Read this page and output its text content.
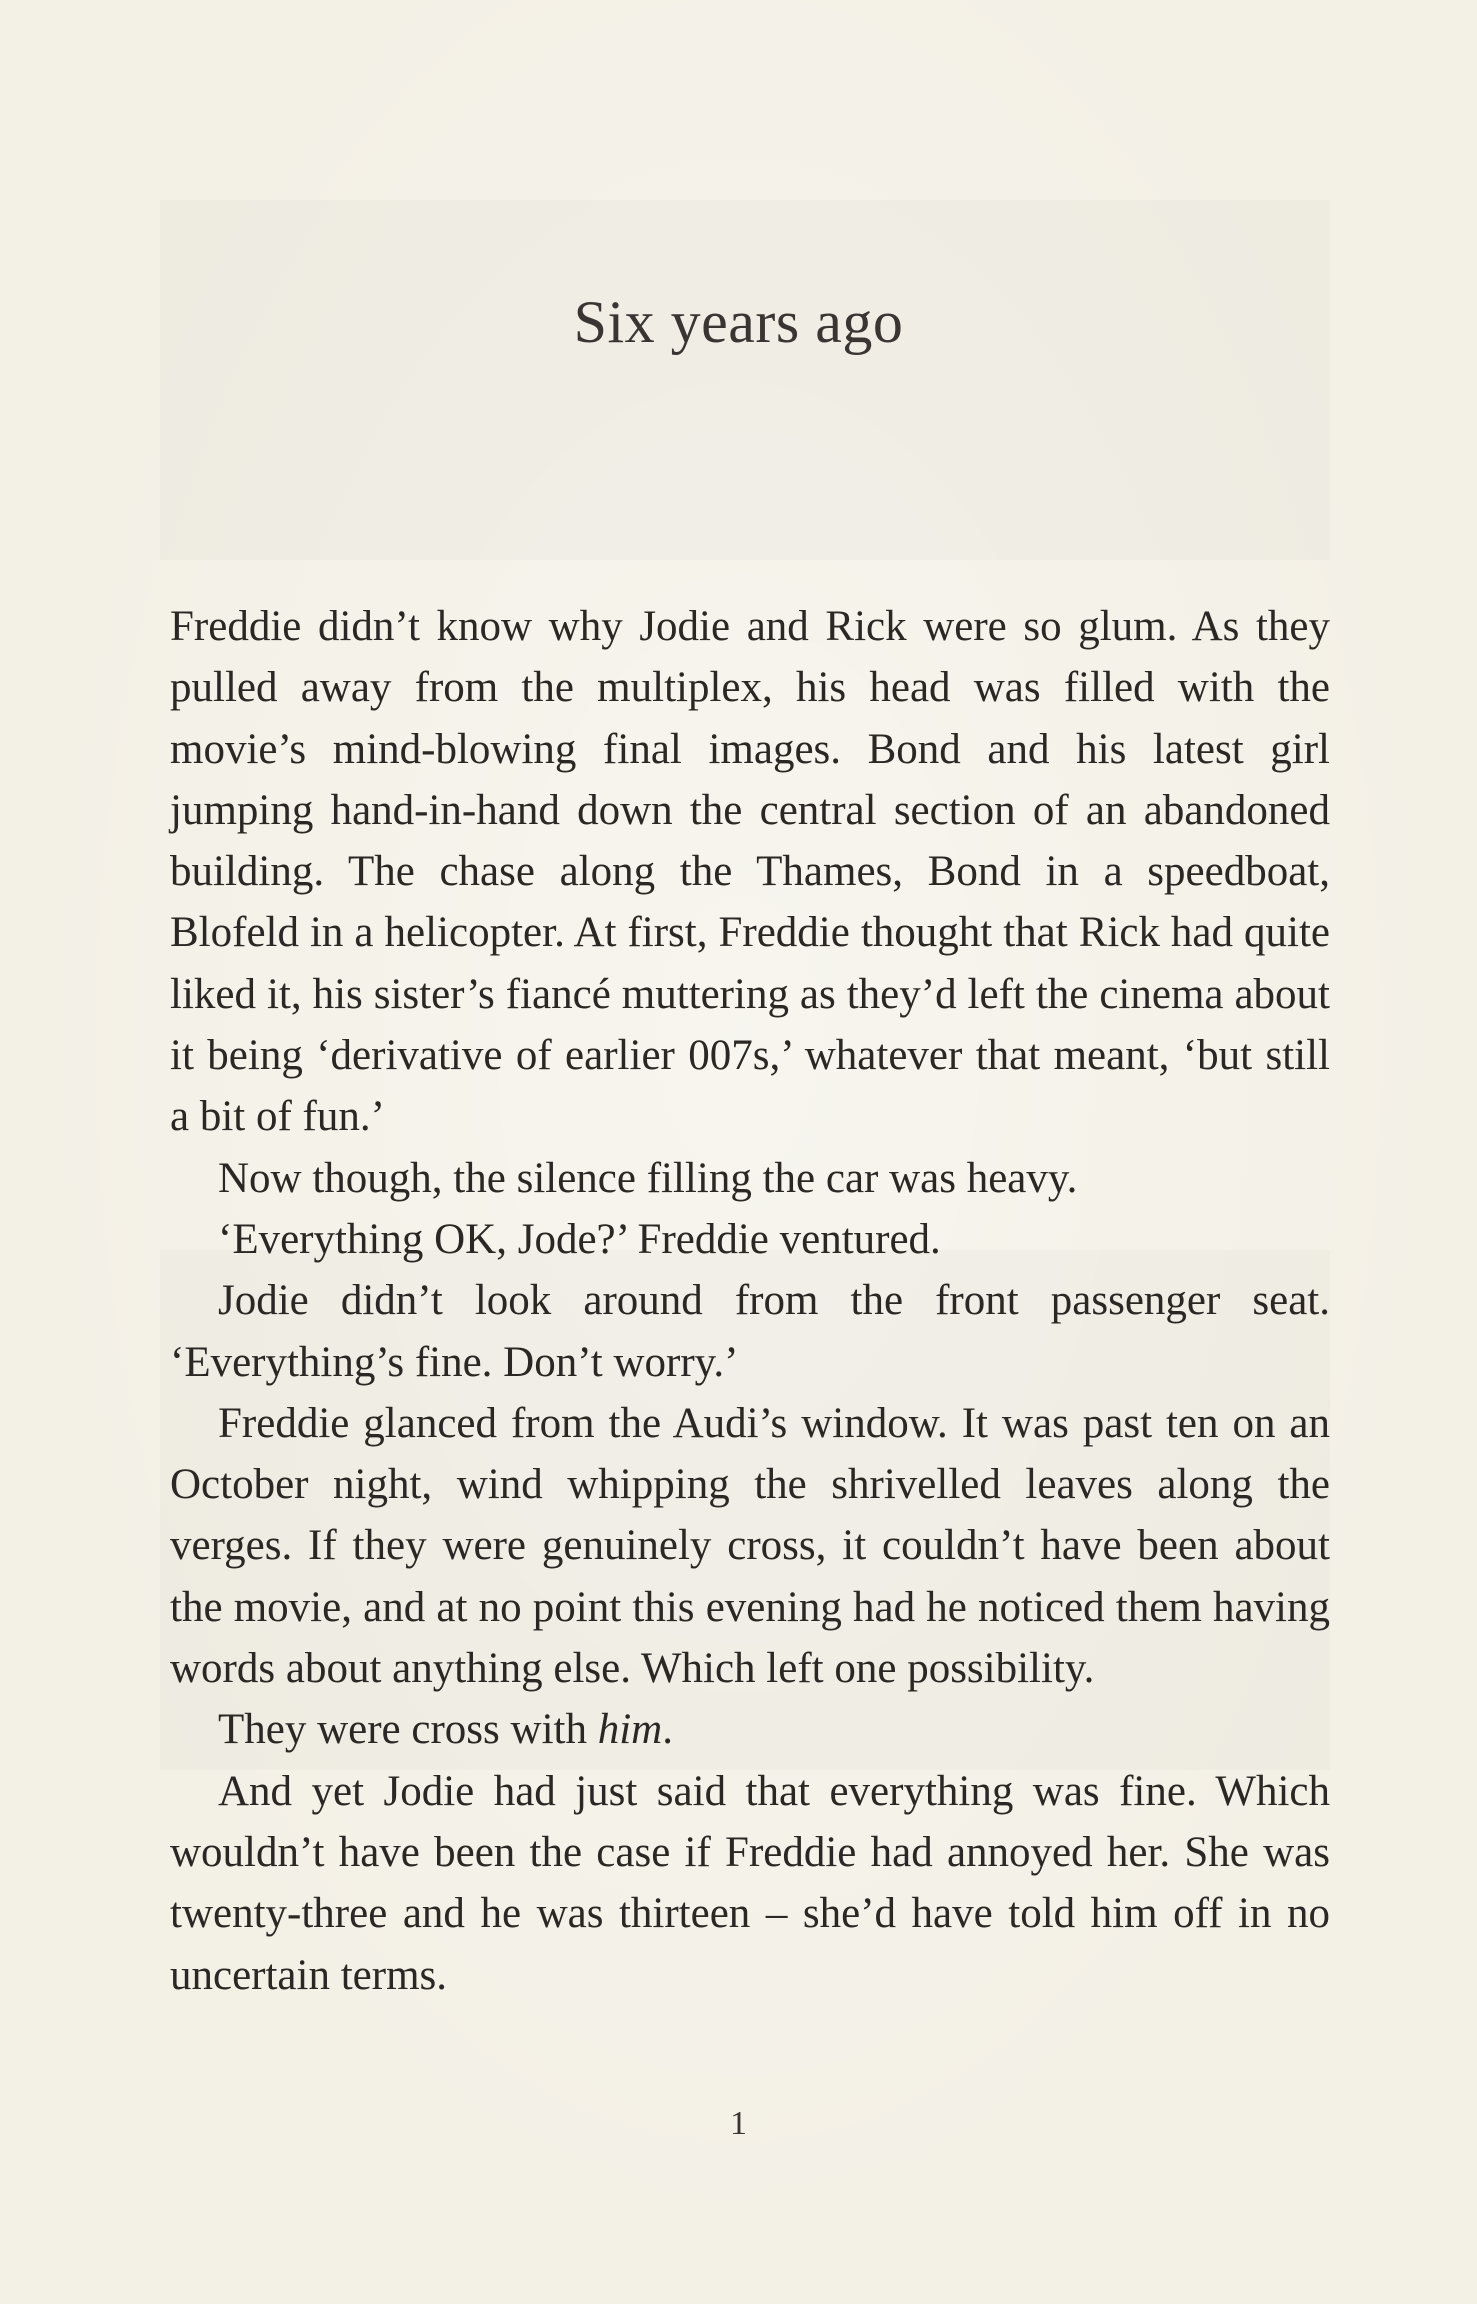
Six years ago

Freddie didn’t know why Jodie and Rick were so glum. As they pulled away from the multiplex, his head was filled with the movie’s mind-blowing final images. Bond and his latest girl jumping hand-in-hand down the central section of an abandoned building. The chase along the Thames, Bond in a speedboat, Blofeld in a helicopter. At first, Freddie thought that Rick had quite liked it, his sister’s fiancé muttering as they’d left the cinema about it being ‘derivative of earlier 007s,’ whatever that meant, ‘but still a bit of fun.’

Now though, the silence filling the car was heavy.

‘Everything OK, Jode?’ Freddie ventured.

Jodie didn’t look around from the front passenger seat. ‘Everything’s fine. Don’t worry.’

Freddie glanced from the Audi’s window. It was past ten on an October night, wind whipping the shrivelled leaves along the verges. If they were genuinely cross, it couldn’t have been about the movie, and at no point this evening had he noticed them having words about anything else. Which left one possibility.

They were cross with him.

And yet Jodie had just said that everything was fine. Which wouldn’t have been the case if Freddie had annoyed her. She was twenty-three and he was thirteen – she’d have told him off in no uncertain terms.

1
